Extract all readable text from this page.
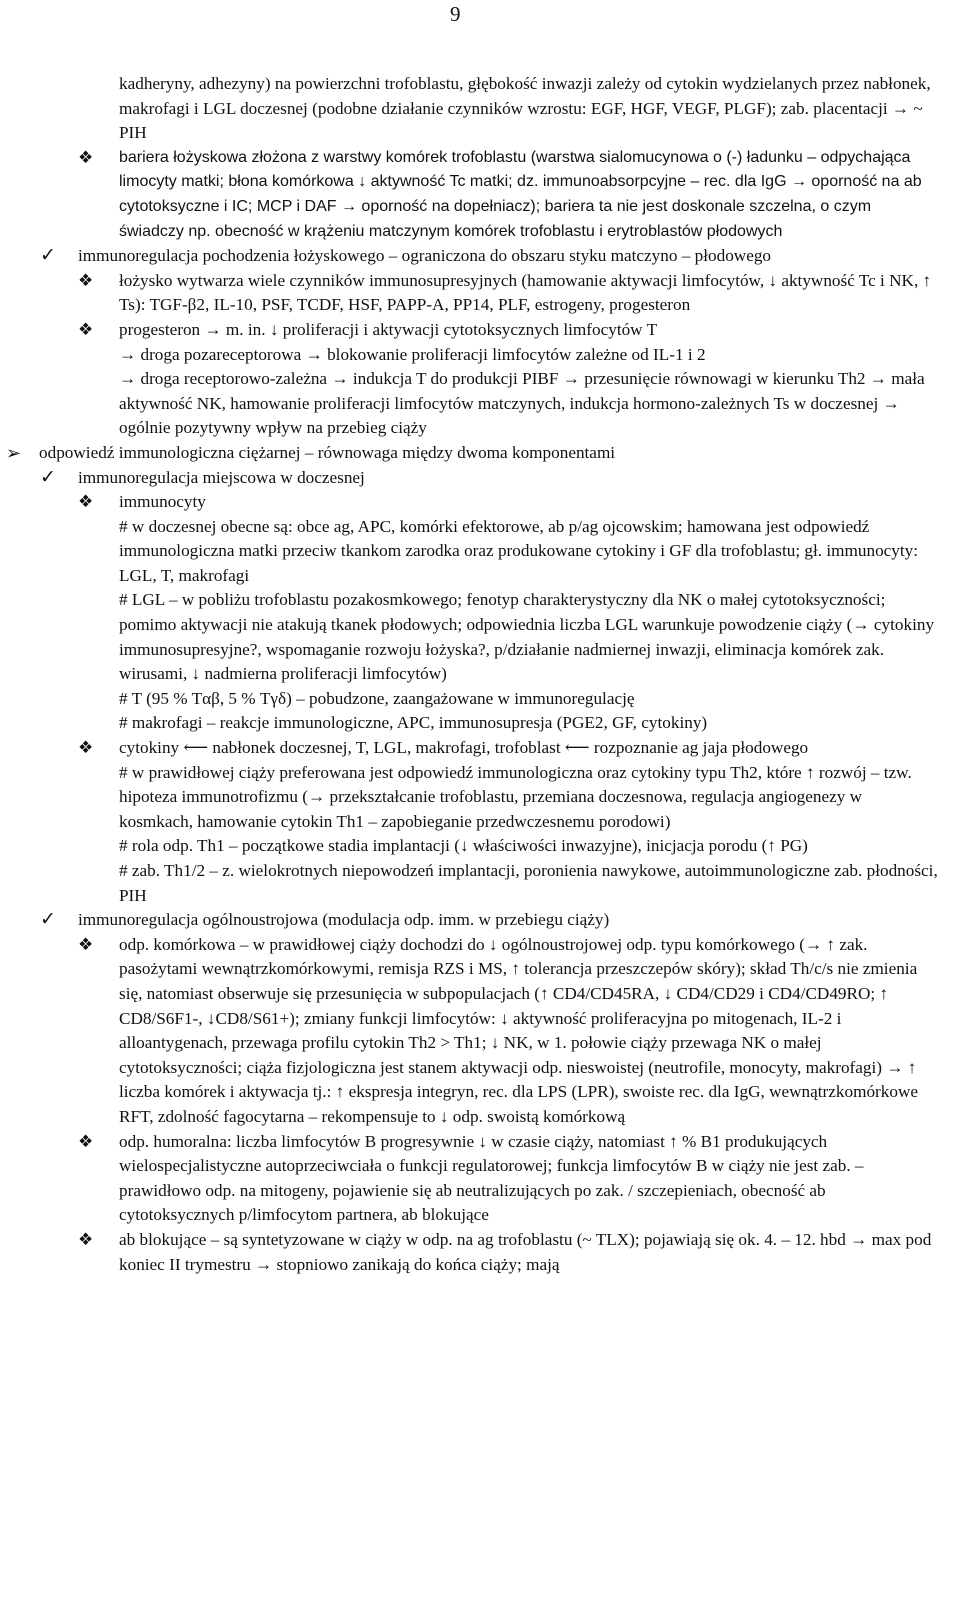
9

kadheryny, adhezyny) na powierzchni trofoblastu, głębokość inwazji zależy od cytokin wydzielanych przez nabłonek, makrofagi i LGL doczesnej (podobne działanie czynników wzrostu: EGF, HGF, VEGF, PLGF); zab. placentacji → ~ PIH

❖ bariera łożyskowa złożona z warstwy komórek trofoblastu (warstwa sialomucynowa o (-) ładunku – odpychająca limocyty matki; błona komórkowa ↓ aktywność Tc matki; dz. immunoabsorpcyjne – rec. dla IgG → oporność na ab cytotoksyczne i IC; MCP i DAF → oporność na dopełniacz); bariera ta nie jest doskonale szczelna, o czym świadczy np. obecność w krążeniu matczynym komórek trofoblastu i erytroblastów płodowych

✓ immunoregulacja pochodzenia łożyskowego – ograniczona do obszaru styku matczyno – płodowego

❖ łożysko wytwarza wiele czynników immunosupresyjnych (hamowanie aktywacji limfocytów, ↓ aktywność Tc i NK, ↑ Ts): TGF-β2, IL-10, PSF, TCDF, HSF, PAPP-A, PP14, PLF, estrogeny, progesteron

❖ progesteron → m. in. ↓ proliferacji i aktywacji cytotoksycznych limfocytów T

→ droga pozareceptorowa → blokowanie proliferacji limfocytów zależne od IL-1 i 2

→ droga receptorowo-zależna → indukcja T do produkcji PIBF → przesunięcie równowagi w kierunku Th2 → mała aktywność NK, hamowanie proliferacji limfocytów matczynych, indukcja hormono-zależnych Ts w doczesnej → ogólnie pozytywny wpływ na przebieg ciąży

➢ odpowiedź immunologiczna ciężarnej – równowaga między dwoma komponentami

✓ immunoregulacja miejscowa w doczesnej

❖ immunocyty

# w doczesnej obecne są: obce ag, APC, komórki efektorowe, ab p/ag ojcowskim; hamowana jest odpowiedź immunologiczna matki przeciw tkankom zarodka oraz produkowane cytokiny i GF dla trofoblastu; gł. immunocyty: LGL, T, makrofagi

# LGL – w pobliżu trofoblastu pozakosmkowego; fenotyp charakterystyczny dla NK o małej cytotoksyczności; pomimo aktywacji nie atakują tkanek płodowych; odpowiednia liczba LGL warunkuje powodzenie ciąży (→ cytokiny immunosupresyjne?, wspomaganie rozwoju łożyska?, p/działanie nadmiernej inwazji, eliminacja komórek zak. wirusami, ↓ nadmierna proliferacji limfocytów)

# T (95 % Tαβ, 5 % Tγδ) – pobudzone, zaangażowane w immunoregulację

# makrofagi – reakcje immunologiczne, APC, immunosupresja (PGE2, GF, cytokiny)

❖ cytokiny ⟵ nabłonek doczesnej, T, LGL, makrofagi, trofoblast ⟵ rozpoznanie ag jaja płodowego

# w prawidłowej ciąży preferowana jest odpowiedź immunologiczna oraz cytokiny typu Th2, które ↑ rozwój – tzw. hipoteza immunotrofizmu (→ przekształcanie trofoblastu, przemiana doczesnowa, regulacja angiogenezy w kosmkach, hamowanie cytokin Th1 – zapobieganie przedwczesnemu porodowi)

# rola odp. Th1 – początkowe stadia implantacji (↓ właściwości inwazyjne), inicjacja porodu (↑ PG)

# zab. Th1/2 – z. wielokrotnych niepowodzeń implantacji, poronienia nawykowe, autoimmunologiczne zab. płodności, PIH

✓ immunoregulacja ogólnoustrojowa (modulacja odp. imm. w przebiegu ciąży)

❖ odp. komórkowa – w prawidłowej ciąży dochodzi do ↓ ogólnoustrojowej odp. typu komórkowego (→ ↑ zak. pasożytami wewnątrzkomórkowymi, remisja RZS i MS, ↑ tolerancja przeszczepów skóry); skład Th/c/s nie zmienia się, natomiast obserwuje się przesunięcia w subpopulacjach (↑ CD4/CD45RA, ↓ CD4/CD29 i CD4/CD49RO; ↑ CD8/S6F1-, ↓CD8/S61+); zmiany funkcji limfocytów: ↓ aktywność proliferacyjna po mitogenach, IL-2 i alloantygenach, przewaga profilu cytokin Th2 > Th1; ↓ NK, w 1. połowie ciąży przewaga NK o małej cytotoksyczności; ciąża fizjologiczna jest stanem aktywacji odp. nieswoistej (neutrofile, monocyty, makrofagi) → ↑ liczba komórek i aktywacja tj.: ↑ ekspresja integryn, rec. dla LPS (LPR), swoiste rec. dla IgG, wewnątrzkomórkowe RFT, zdolność fagocytarna – rekompensuje to ↓ odp. swoistą komórkową

❖ odp. humoralna: liczba limfocytów B progresywnie ↓ w czasie ciąży, natomiast ↑ % B1 produkujących wielospecjalistyczne autoprzeciwciała o funkcji regulatorowej; funkcja limfocytów B w ciąży nie jest zab. – prawidłowo odp. na mitogeny, pojawienie się ab neutralizujących po zak. / szczepieniach, obecność ab cytotoksycznych p/limfocytom partnera, ab blokujące

❖ ab blokujące – są syntetyzowane w ciąży w odp. na ag trofoblastu (~ TLX); pojawiają się ok. 4. – 12. hbd → max pod koniec II trymestru → stopniowo zanikają do końca ciąży; mają
